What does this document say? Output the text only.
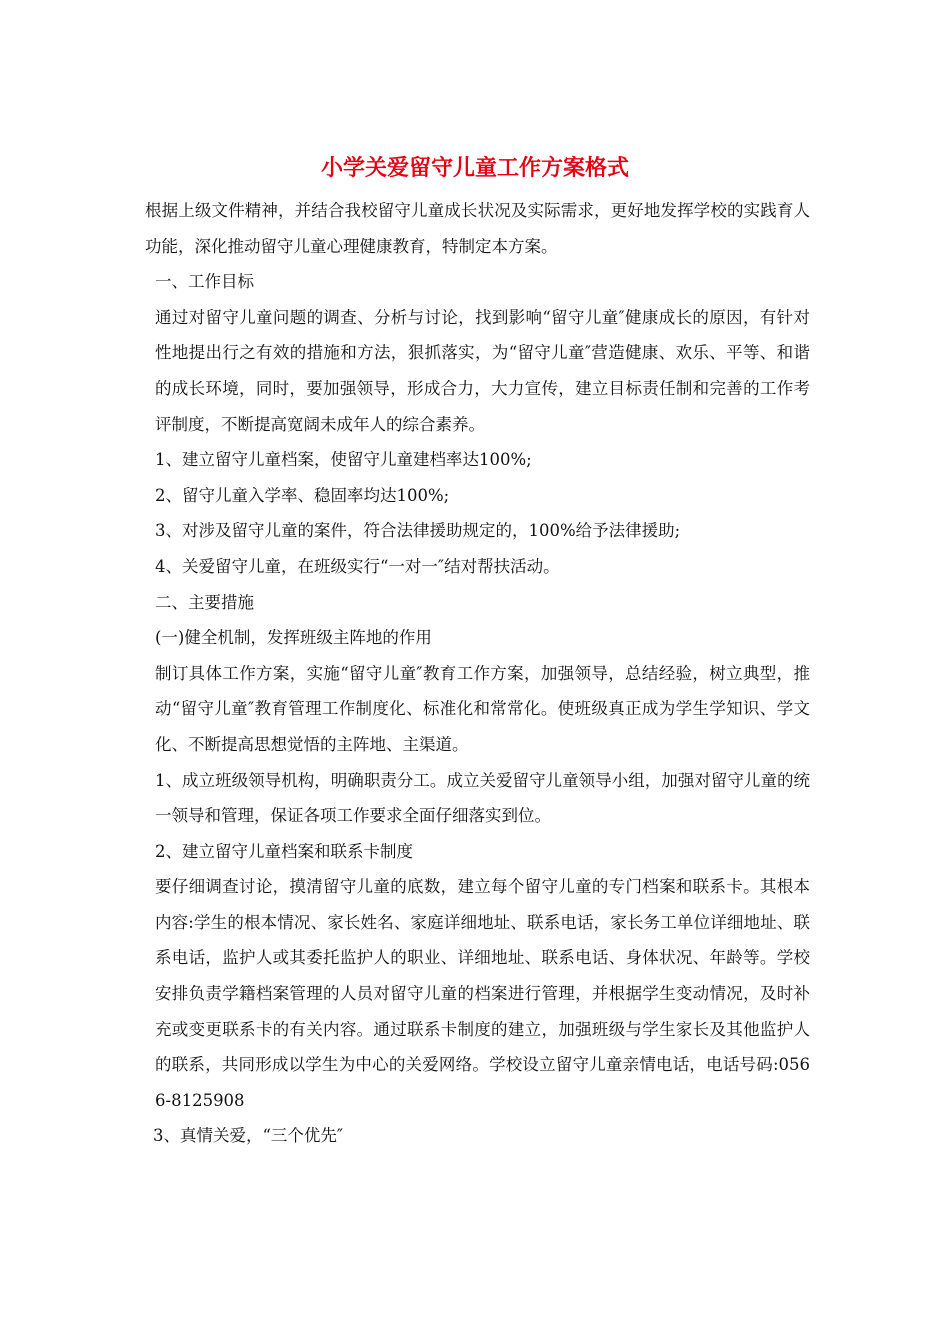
小学关爱留守儿童工作方案格式

根据上级文件精神，并结合我校留守儿童成长状况及实际需求，更好地发挥学校的实践育人功能，深化推动留守儿童心理健康教育，特制定本方案。

一、工作目标

通过对留守儿童问题的调查、分析与讨论，找到影响“留守儿童″健康成长的原因，有针对性地提出行之有效的措施和方法，狠抓落实，为“留守儿童″营造健康、欢乐、平等、和谐的成长环境，同时，要加强领导，形成合力，大力宣传，建立目标责任制和完善的工作考评制度，不断提高宽阔未成年人的综合素养。

1、建立留守儿童档案，使留守儿童建档率达100%;

2、留守儿童入学率、稳固率均达100%;

3、对涉及留守儿童的案件，符合法律援助规定的，100%给予法律援助;

4、关爱留守儿童，在班级实行“一对一″结对帮扶活动。

二、主要措施

(一)健全机制，发挥班级主阵地的作用

制订具体工作方案，实施“留守儿童″教育工作方案，加强领导，总结经验，树立典型，推动“留守儿童″教育管理工作制度化、标准化和常常化。使班级真正成为学生学知识、学文化、不断提高思想觉悟的主阵地、主渠道。

1、成立班级领导机构，明确职责分工。成立关爱留守儿童领导小组，加强对留守儿童的统一领导和管理，保证各项工作要求全面仔细落实到位。

2、建立留守儿童档案和联系卡制度

要仔细调查讨论，摸清留守儿童的底数，建立每个留守儿童的专门档案和联系卡。其根本内容:学生的根本情况、家长姓名、家庭详细地址、联系电话，家长务工单位详细地址、联系电话，监护人或其委托监护人的职业、详细地址、联系电话、身体状况、年龄等。学校安排负责学籍档案管理的人员对留守儿童的档案进行管理，并根据学生变动情况，及时补充或变更联系卡的有关内容。通过联系卡制度的建立，加强班级与学生家长及其他监护人的联系，共同形成以学生为中心的关爱网络。学校设立留守儿童亲情电话，电话号码:0566-8125908

3、真情关爱，“三个优先″
